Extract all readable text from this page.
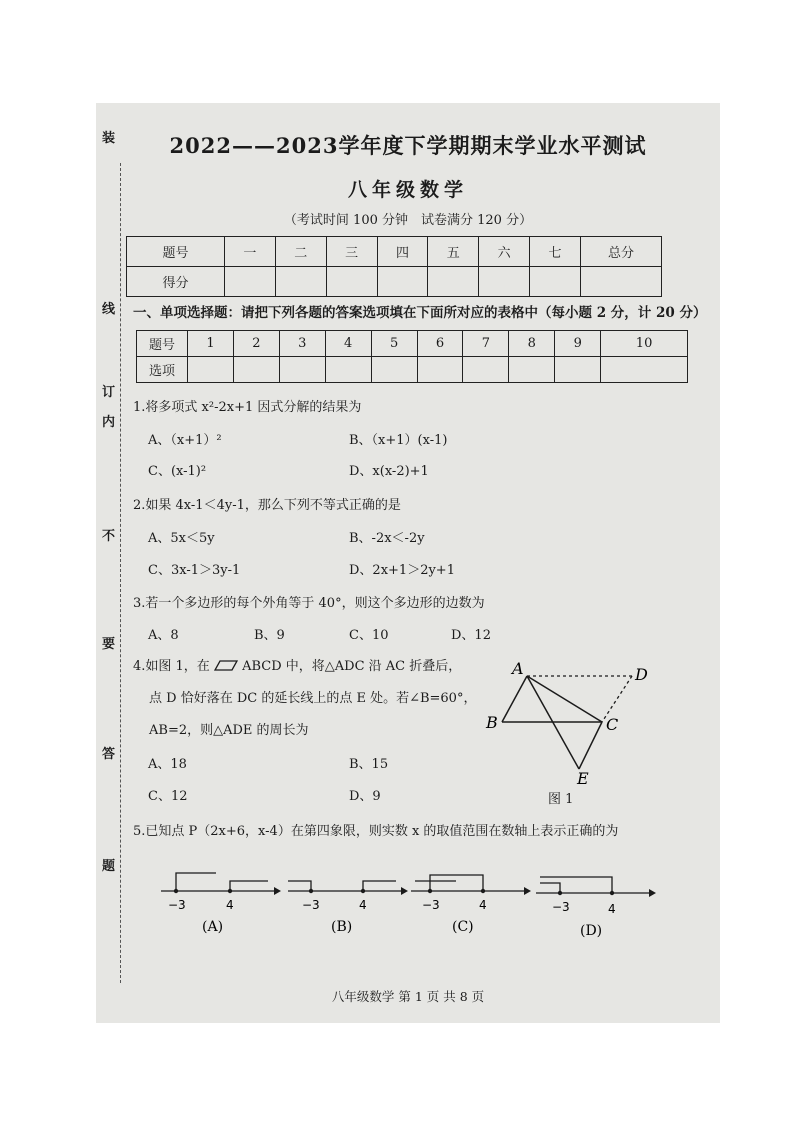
装
订
线
内
不
要
答
题
2022——2023学年度下学期期末学业水平测试
八年级数学
（考试时间 100 分钟　试卷满分 120 分）
题号	一	二	三	四	五	六	七	总分
得分								
一、单项选择题：请把下列各题的答案选项填在下面所对应的表格中（每小题 2 分，计 20 分）
题号	1	2	3	4	5	6	7	8	9	10
选项										
1.将多项式 x²-2x+1 因式分解的结果为
A、（x+1）²	B、（x+1）(x-1)
C、(x-1)²	D、x(x-2)+1
2.如果 4x-1＜4y-1，那么下列不等式正确的是
A、5x＜5y	B、-2x＜-2y
C、3x-1＞3y-1	D、2x+1＞2y+1
3.若一个多边形的每个外角等于 40°，则这个多边形的边数为
A、8	B、9	C、10	D、12
4.如图 1，在 ABCD 中，将△ADC 沿 AC 折叠后，
点 D 恰好落在 DC 的延长线上的点 E 处。若∠B=60°，
AB=2，则△ADE 的周长为
A、18	B、15
C、12	D、9
A	D
B	C
E
图 1
5.已知点 P（2x+6，x-4）在第四象限，则实数 x 的取值范围在数轴上表示正确的为
−3	4
(A)
−3	4
(B)
−3	4
(C)
−3	4
(D)
八年级数学 第 1 页 共 8 页
